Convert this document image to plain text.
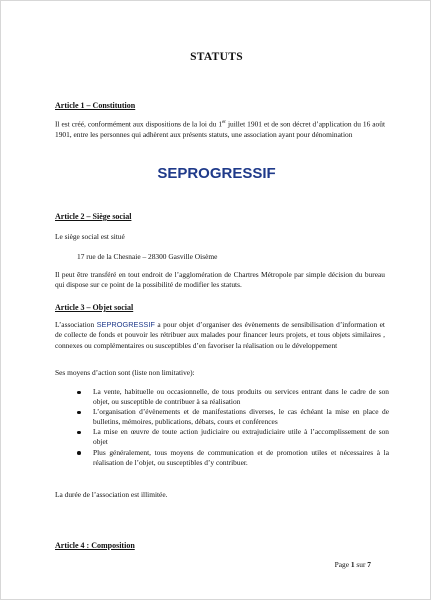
STATUTS
Article 1 – Constitution
Il est créé, conformément aux dispositions de la loi du 1er juillet 1901 et de son décret d’application du 16 août 1901, entre les personnes qui adhèrent aux présents statuts, une association ayant pour dénomination
SEPROGRESSIF
Article 2 – Siège social
Le siège social est situé
17 rue de la Chesnaie – 28300 Gasville Oisème
Il peut être transféré en tout endroit de l’agglomération de Chartres Métropole par simple décision du bureau qui dispose sur ce point de la possibilité de modifier les statuts.
Article 3 – Objet social
L’association SEPROGRESSIF a pour objet d’organiser des évènements de sensibilisation d’information et de collecte de fonds et pouvoir les rétribuer aux malades pour financer leurs projets, et tous objets similaires , connexes ou complémentaires ou susceptibles d’en favoriser la réalisation ou le développement
Ses moyens d’action sont (liste non limitative):
La vente, habituelle ou occasionnelle, de tous produits ou services entrant dans le cadre de son objet, ou susceptible de contribuer à sa réalisation
L’organisation d’évènements et de manifestations diverses, le cas échéant la mise en place de bulletins, mémoires, publications, débats, cours et conférences
La mise en œuvre de toute action judiciaire ou extrajudiciaire utile à l’accomplissement de son objet
Plus généralement, tous moyens de communication et de promotion utiles et nécessaires à la réalisation de l’objet, ou susceptibles d’y contribuer.
La durée de l’association est illimitée.
Article 4 : Composition
Page 1 sur 7
